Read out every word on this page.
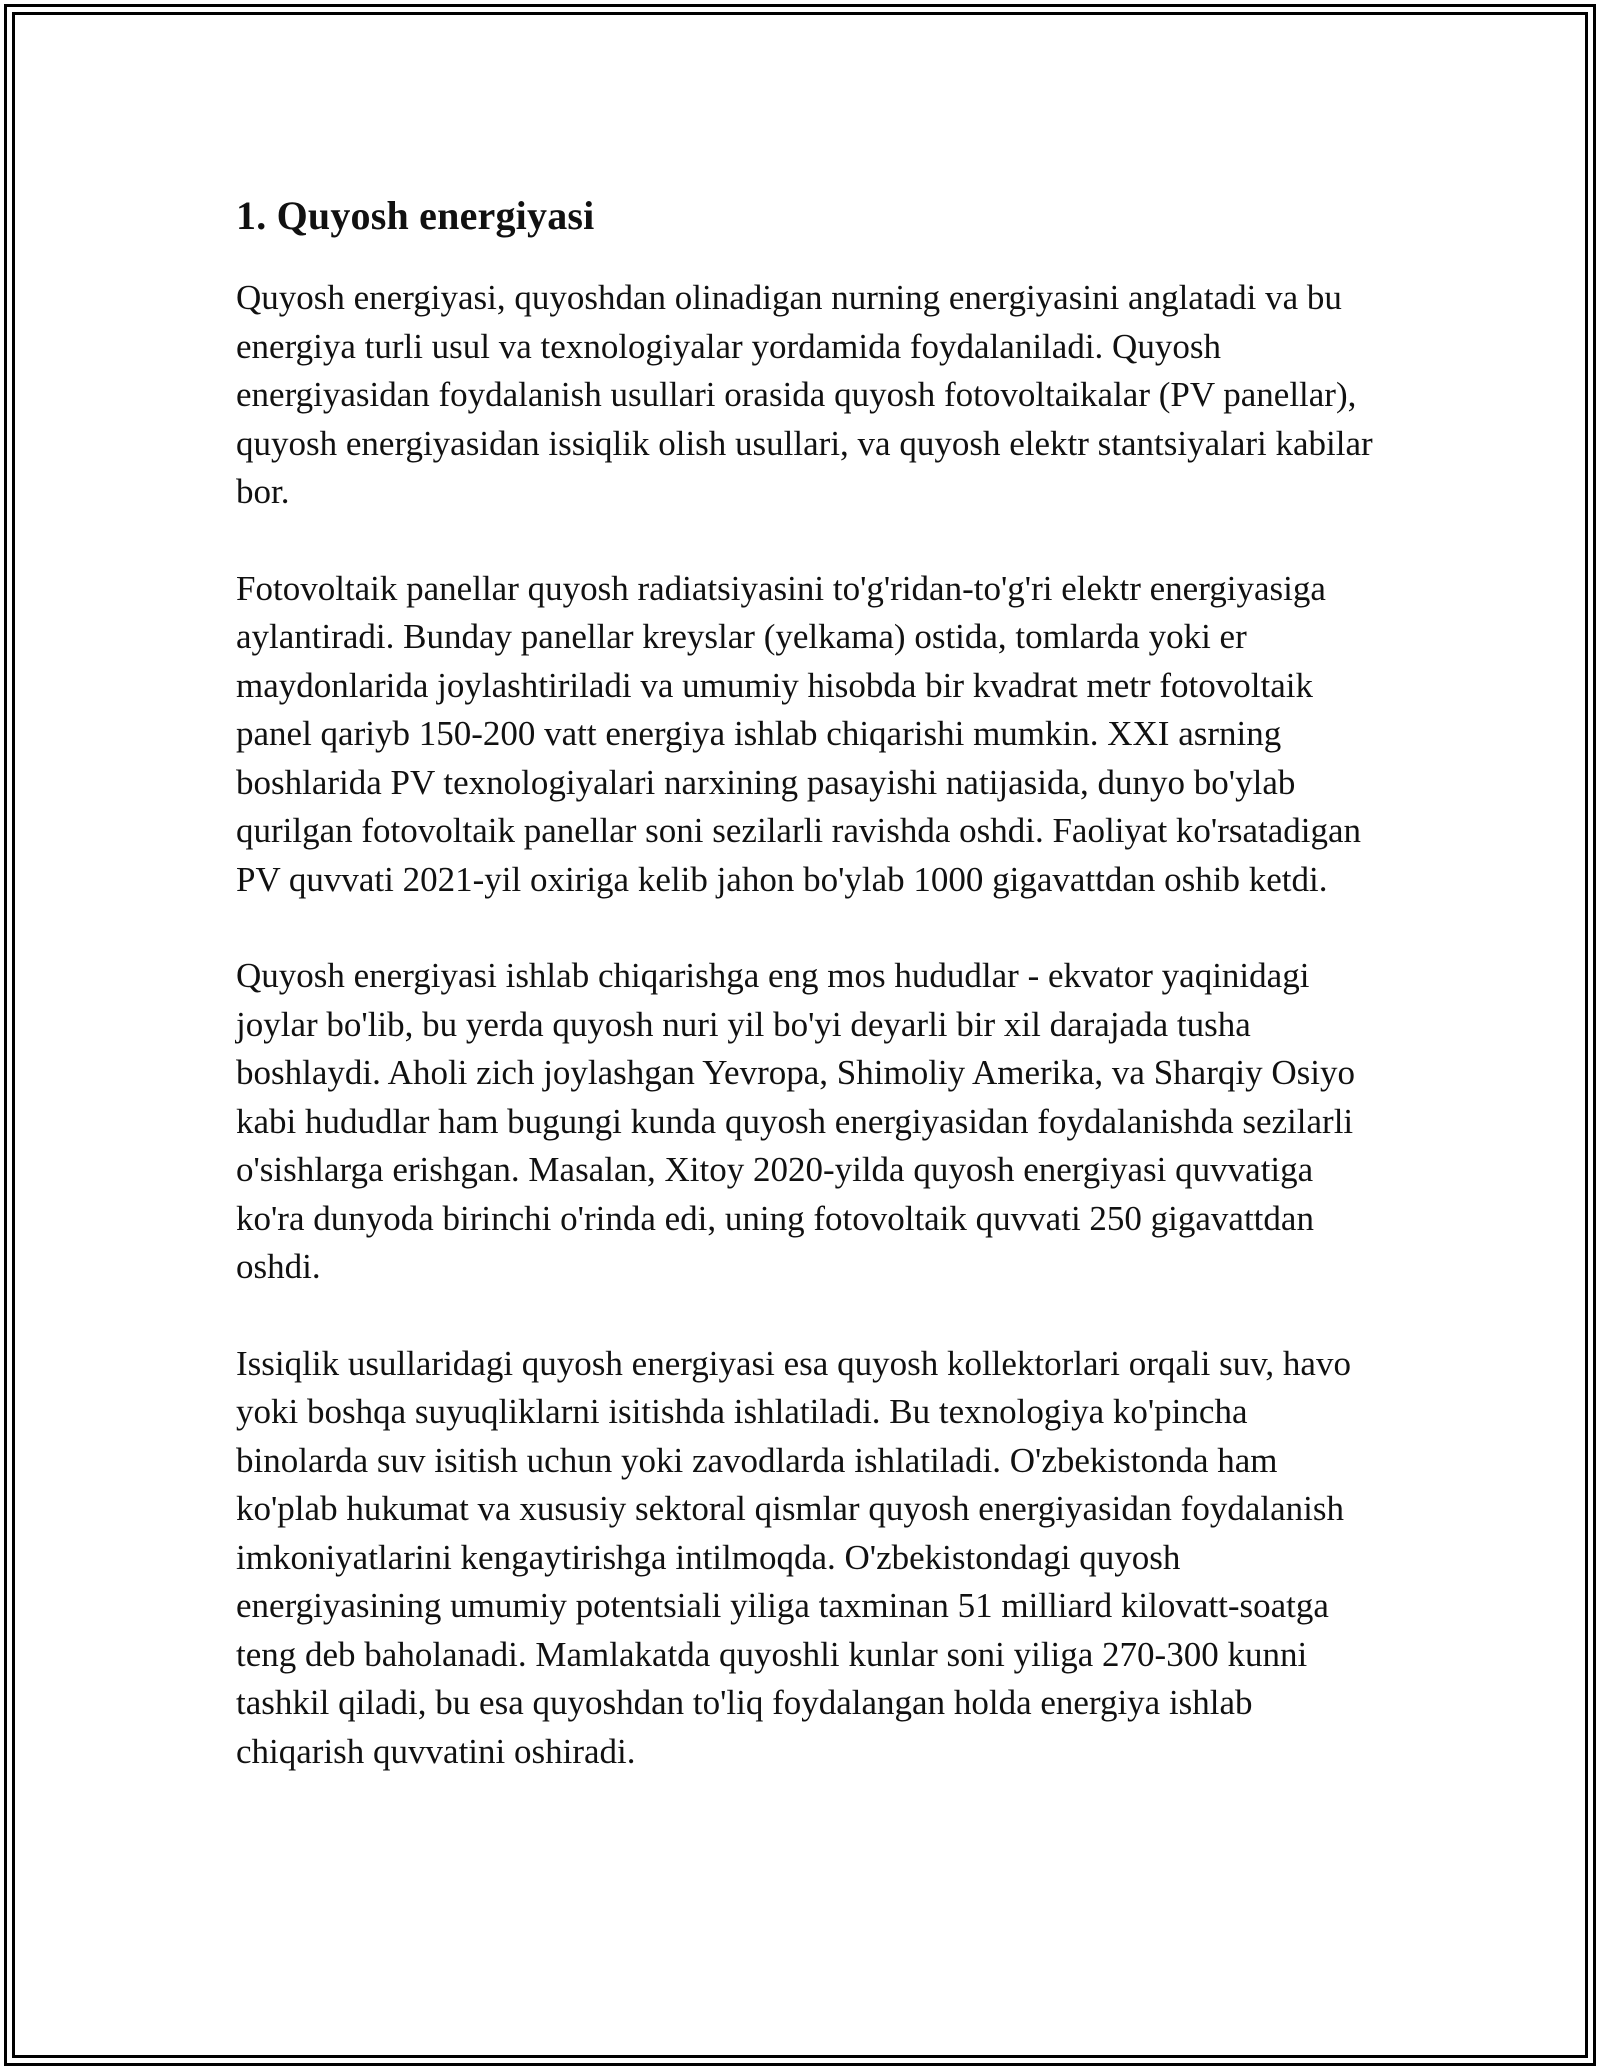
1. Quyosh energiyasi

Quyosh energiyasi, quyoshdan olinadigan nurning energiyasini anglatadi va bu energiya turli usul va texnologiyalar yordamida foydalaniladi. Quyosh energiyasidan foydalanish usullari orasida quyosh fotovoltaikalar (PV panellar), quyosh energiyasidan issiqlik olish usullari, va quyosh elektr stantsiyalari kabilar bor.

Fotovoltaik panellar quyosh radiatsiyasini to'g'ridan-to'g'ri elektr energiyasiga aylantiradi. Bunday panellar kreyslar (yelkama) ostida, tomlarda yoki er maydonlarida joylashtiriladi va umumiy hisobda bir kvadrat metr fotovoltaik panel qariyb 150-200 vatt energiya ishlab chiqarishi mumkin. XXI asrning boshlarida PV texnologiyalari narxining pasayishi natijasida, dunyo bo'ylab qurilgan fotovoltaik panellar soni sezilarli ravishda oshdi. Faoliyat ko'rsatadigan PV quvvati 2021-yil oxiriga kelib jahon bo'ylab 1000 gigavattdan oshib ketdi.

Quyosh energiyasi ishlab chiqarishga eng mos hududlar - ekvator yaqinidagi joylar bo'lib, bu yerda quyosh nuri yil bo'yi deyarli bir xil darajada tusha boshlaydi. Aholi zich joylashgan Yevropa, Shimoliy Amerika, va Sharqiy Osiyo kabi hududlar ham bugungi kunda quyosh energiyasidan foydalanishda sezilarli o'sishlarga erishgan. Masalan, Xitoy 2020-yilda quyosh energiyasi quvvatiga ko'ra dunyoda birinchi o'rinda edi, uning fotovoltaik quvvati 250 gigavattdan oshdi.

Issiqlik usullaridagi quyosh energiyasi esa quyosh kollektorlari orqali suv, havo yoki boshqa suyuqliklarni isitishda ishlatiladi. Bu texnologiya ko'pincha binolarda suv isitish uchun yoki zavodlarda ishlatiladi. O'zbekistonda ham ko'plab hukumat va xususiy sektoral qismlar quyosh energiyasidan foydalanish imkoniyatlarini kengaytirishga intilmoqda. O'zbekistondagi quyosh energiyasining umumiy potentsiali yiliga taxminan 51 milliard kilovatt-soatga teng deb baholanadi. Mamlakatda quyoshli kunlar soni yiliga 270-300 kunni tashkil qiladi, bu esa quyoshdan to'liq foydalangan holda energiya ishlab chiqarish quvvatini oshiradi.
